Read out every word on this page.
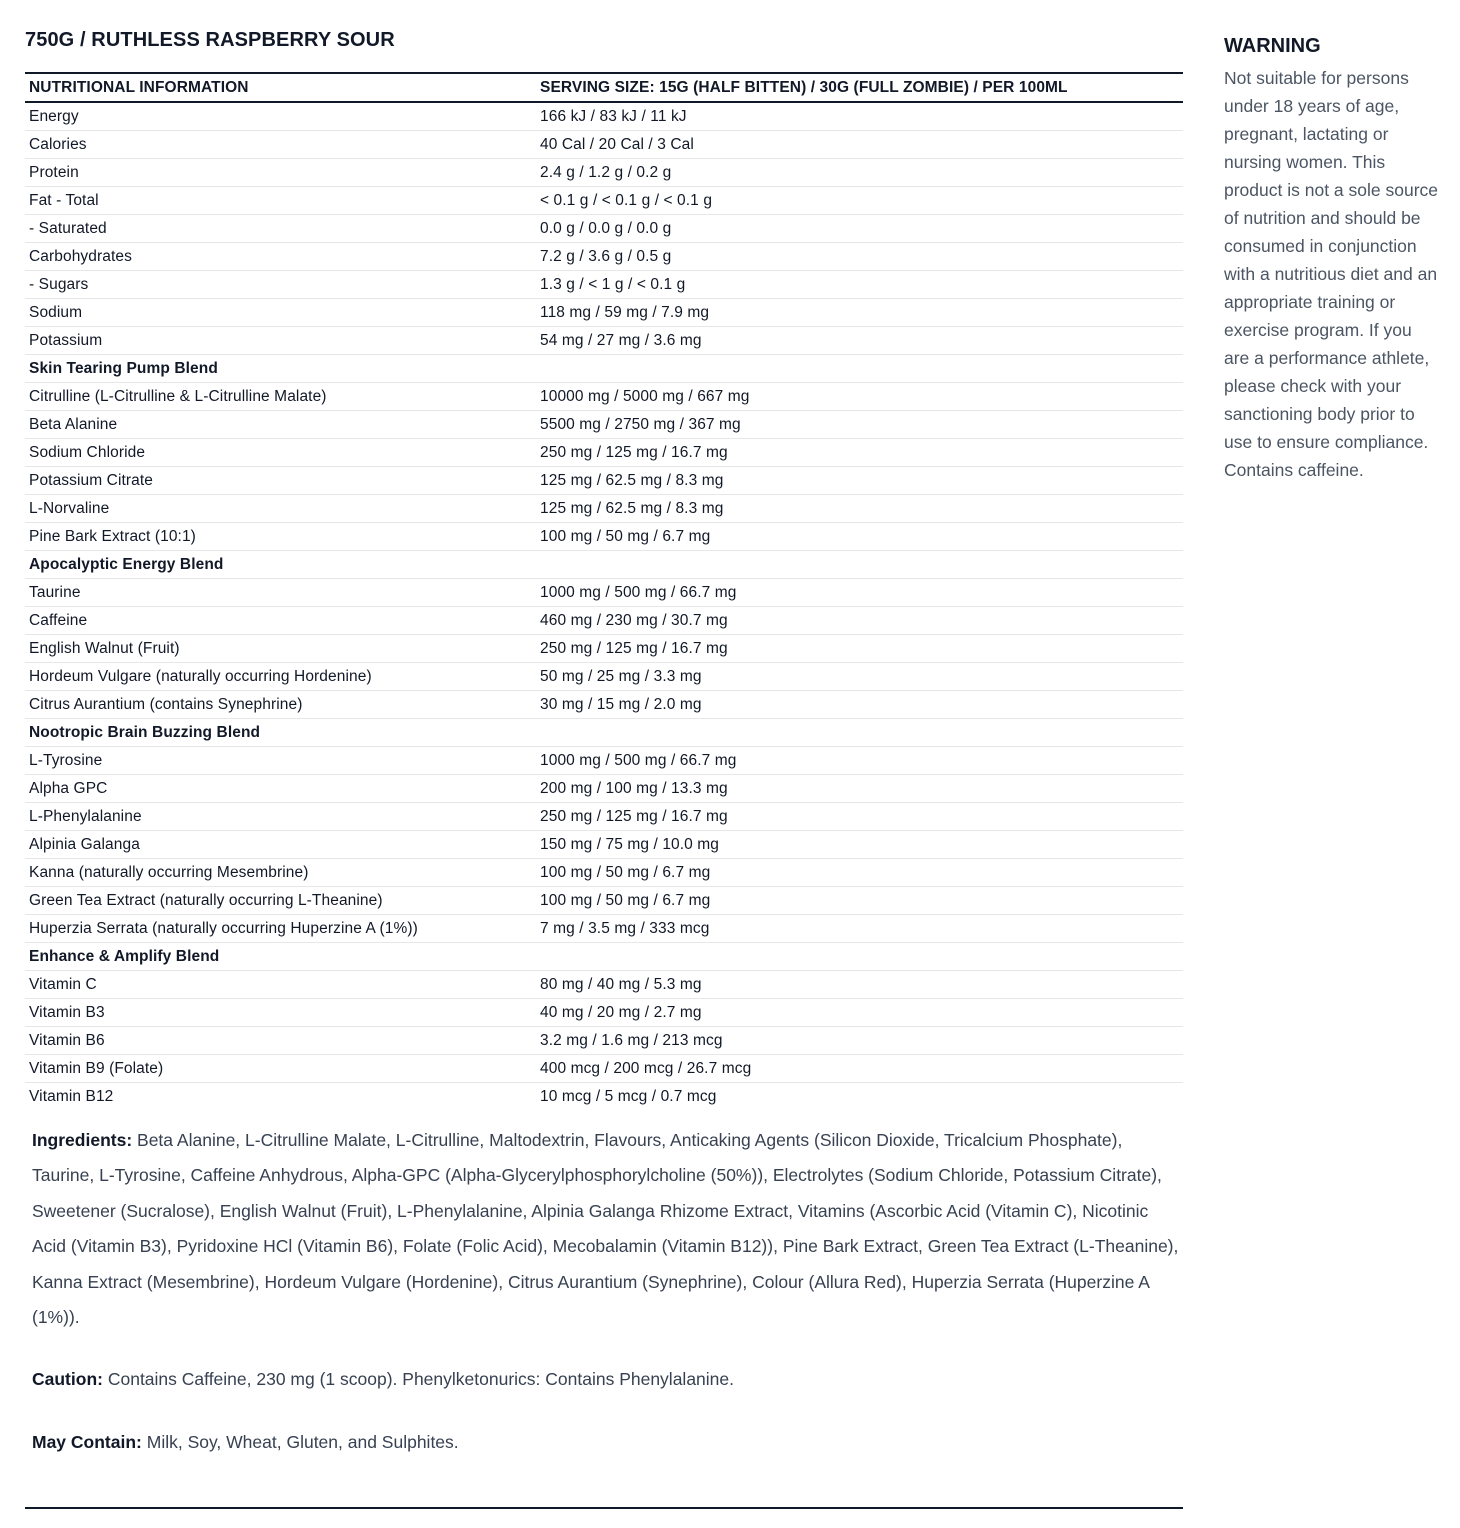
750G / RUTHLESS RASPBERRY SOUR
NUTRITIONAL INFORMATION	SERVING SIZE: 15G (HALF BITTEN) / 30G (FULL ZOMBIE) / PER 100ML
Energy	166 kJ / 83 kJ / 11 kJ
Calories	40 Cal / 20 Cal / 3 Cal
Protein	2.4 g / 1.2 g / 0.2 g
Fat - Total	< 0.1 g / < 0.1 g / < 0.1 g
- Saturated	0.0 g / 0.0 g / 0.0 g
Carbohydrates	7.2 g / 3.6 g / 0.5 g
- Sugars	1.3 g / < 1 g / < 0.1 g
Sodium	118 mg / 59 mg / 7.9 mg
Potassium	54 mg / 27 mg / 3.6 mg
Skin Tearing Pump Blend	
Citrulline (L-Citrulline & L-Citrulline Malate)	10000 mg / 5000 mg / 667 mg
Beta Alanine	5500 mg / 2750 mg / 367 mg
Sodium Chloride	250 mg / 125 mg / 16.7 mg
Potassium Citrate	125 mg / 62.5 mg / 8.3 mg
L-Norvaline	125 mg / 62.5 mg / 8.3 mg
Pine Bark Extract (10:1)	100 mg / 50 mg / 6.7 mg
Apocalyptic Energy Blend	
Taurine	1000 mg / 500 mg / 66.7 mg
Caffeine	460 mg / 230 mg / 30.7 mg
English Walnut (Fruit)	250 mg / 125 mg / 16.7 mg
Hordeum Vulgare (naturally occurring Hordenine)	50 mg / 25 mg / 3.3 mg
Citrus Aurantium (contains Synephrine)	30 mg / 15 mg / 2.0 mg
Nootropic Brain Buzzing Blend	
L-Tyrosine	1000 mg / 500 mg / 66.7 mg
Alpha GPC	200 mg / 100 mg / 13.3 mg
L-Phenylalanine	250 mg / 125 mg / 16.7 mg
Alpinia Galanga	150 mg / 75 mg / 10.0 mg
Kanna (naturally occurring Mesembrine)	100 mg / 50 mg / 6.7 mg
Green Tea Extract (naturally occurring L-Theanine)	100 mg / 50 mg / 6.7 mg
Huperzia Serrata (naturally occurring Huperzine A (1%))	7 mg / 3.5 mg / 333 mcg
Enhance & Amplify Blend	
Vitamin C	80 mg / 40 mg / 5.3 mg
Vitamin B3	40 mg / 20 mg / 2.7 mg
Vitamin B6	3.2 mg / 1.6 mg / 213 mcg
Vitamin B9 (Folate)	400 mcg / 200 mcg / 26.7 mcg
Vitamin B12	10 mcg / 5 mcg / 0.7 mcg

Ingredients: Beta Alanine, L-Citrulline Malate, L-Citrulline, Maltodextrin, Flavours, Anticaking Agents (Silicon Dioxide, Tricalcium Phosphate), Taurine, L-Tyrosine, Caffeine Anhydrous, Alpha-GPC (Alpha-Glycerylphosphorylcholine (50%)), Electrolytes (Sodium Chloride, Potassium Citrate), Sweetener (Sucralose), English Walnut (Fruit), L-Phenylalanine, Alpinia Galanga Rhizome Extract, Vitamins (Ascorbic Acid (Vitamin C), Nicotinic Acid (Vitamin B3), Pyridoxine HCl (Vitamin B6), Folate (Folic Acid), Mecobalamin (Vitamin B12)), Pine Bark Extract, Green Tea Extract (L-Theanine), Kanna Extract (Mesembrine), Hordeum Vulgare (Hordenine), Citrus Aurantium (Synephrine), Colour (Allura Red), Huperzia Serrata (Huperzine A (1%)).

Caution: Contains Caffeine, 230 mg (1 scoop). Phenylketonurics: Contains Phenylalanine.

May Contain: Milk, Soy, Wheat, Gluten, and Sulphites.

WARNING

Not suitable for persons under 18 years of age, pregnant, lactating or nursing women. This product is not a sole source of nutrition and should be consumed in conjunction with a nutritious diet and an appropriate training or exercise program. If you are a performance athlete, please check with your sanctioning body prior to use to ensure compliance. Contains caffeine.
